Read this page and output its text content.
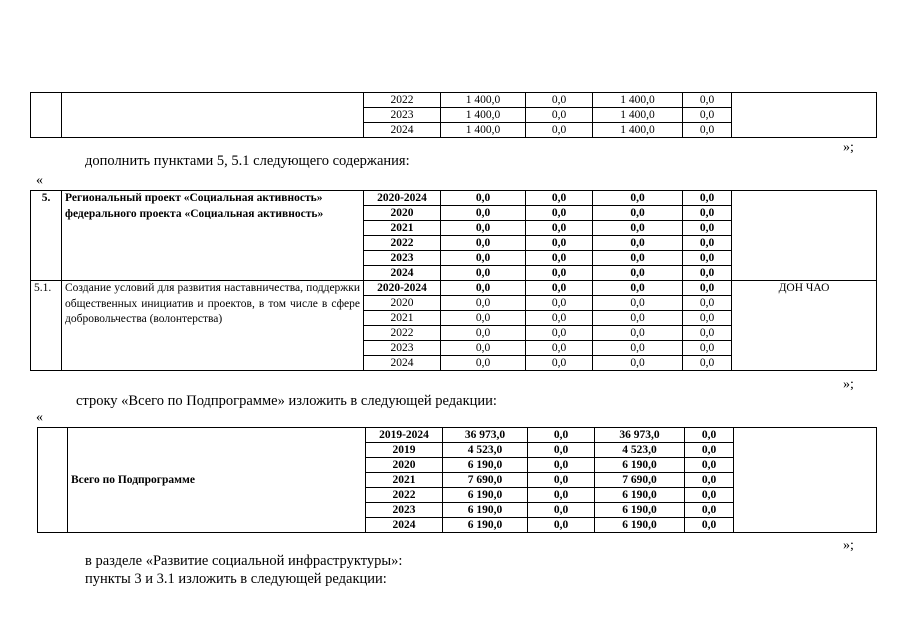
		2022	1 400,0	0,0	1 400,0	0,0	
		2023	1 400,0	0,0	1 400,0	0,0	
		2024	1 400,0	0,0	1 400,0	0,0	
»;
дополнить пунктами 5, 5.1 следующего содержания:
«
5.	Региональный проект «Социальная активность» федерального проекта «Социальная активность»	2020-2024	0,0	0,0	0,0	0,0	
		2020	0,0	0,0	0,0	0,0	
		2021	0,0	0,0	0,0	0,0	
		2022	0,0	0,0	0,0	0,0	
		2023	0,0	0,0	0,0	0,0	
		2024	0,0	0,0	0,0	0,0	
5.1.	Создание условий для развития наставничества, поддержки общественных инициатив и проектов, в том числе в сфере добровольчества (волонтерства)	2020-2024	0,0	0,0	0,0	0,0	ДОН ЧАО
		2020	0,0	0,0	0,0	0,0	
		2021	0,0	0,0	0,0	0,0	
		2022	0,0	0,0	0,0	0,0	
		2023	0,0	0,0	0,0	0,0	
		2024	0,0	0,0	0,0	0,0	
»;
строку «Всего по Подпрограмме» изложить в следующей редакции:
«
	Всего по Подпрограмме	2019-2024	36 973,0	0,0	36 973,0	0,0	
		2019	4 523,0	0,0	4 523,0	0,0	
		2020	6 190,0	0,0	6 190,0	0,0	
		2021	7 690,0	0,0	7 690,0	0,0	
		2022	6 190,0	0,0	6 190,0	0,0	
		2023	6 190,0	0,0	6 190,0	0,0	
		2024	6 190,0	0,0	6 190,0	0,0	
»;
в разделе «Развитие социальной инфраструктуры»:
пункты 3 и 3.1 изложить в следующей редакции:
